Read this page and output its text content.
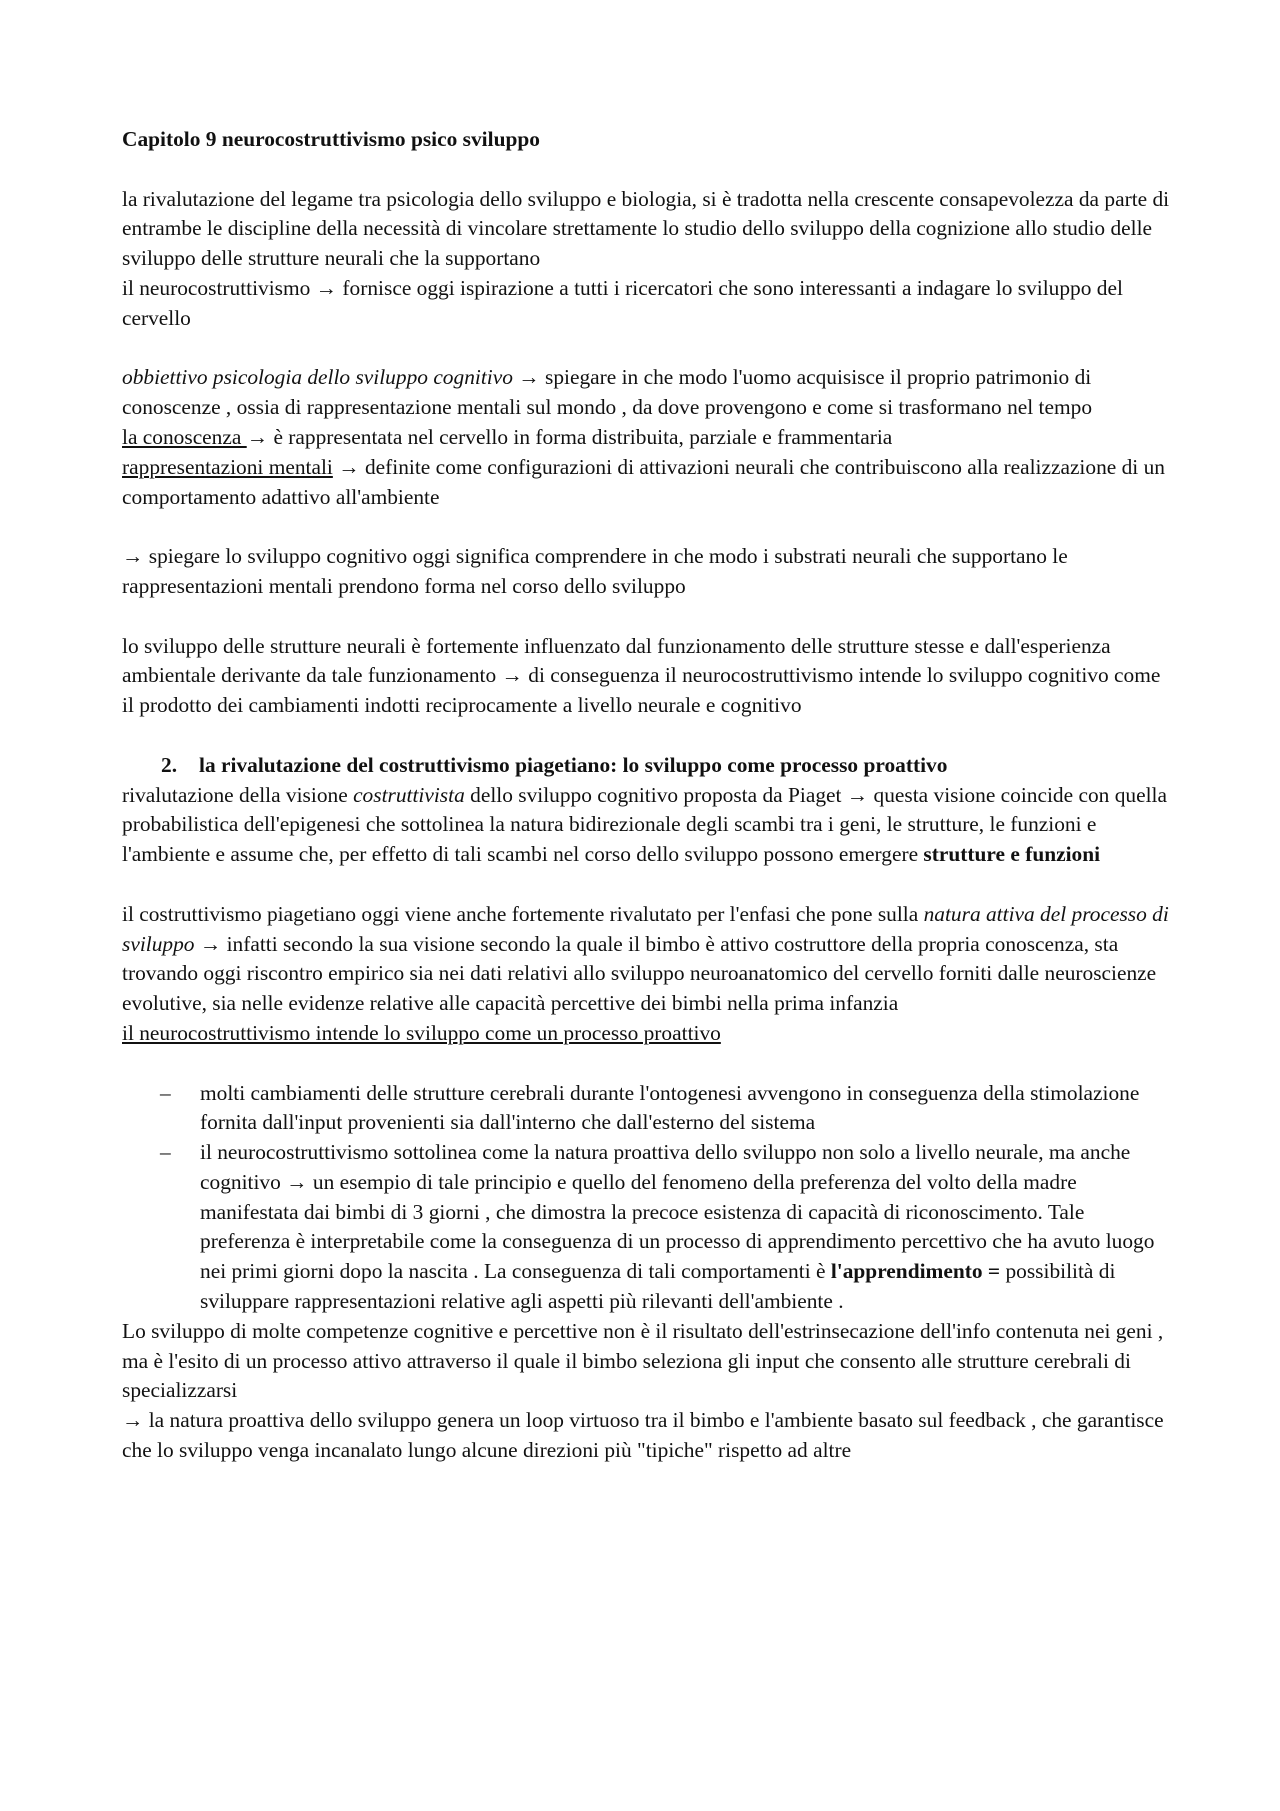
Capitolo 9 neurocostruttivismo psico sviluppo

la rivalutazione del legame tra psicologia dello sviluppo e biologia, si è tradotta nella crescente consapevolezza da parte di entrambe le discipline della necessità di vincolare strettamente lo studio dello sviluppo della cognizione allo studio delle sviluppo delle strutture neurali che la supportano

il neurocostruttivismo → fornisce oggi ispirazione a tutti i ricercatori che sono interessanti a indagare lo sviluppo del cervello

obbiettivo psicologia dello sviluppo cognitivo → spiegare in che modo l'uomo acquisisce il proprio patrimonio di conoscenze , ossia di rappresentazione mentali sul mondo , da dove provengono e come si trasformano nel tempo

la conoscenza → è rappresentata nel cervello in forma distribuita, parziale e frammentaria

rappresentazioni mentali → definite come configurazioni di attivazioni neurali che contribuiscono alla realizzazione di un comportamento adattivo all'ambiente

→ spiegare lo sviluppo cognitivo oggi significa comprendere in che modo i substrati neurali che supportano le rappresentazioni mentali prendono forma nel corso dello sviluppo

lo sviluppo delle strutture neurali è fortemente influenzato dal funzionamento delle strutture stesse e dall'esperienza ambientale derivante da tale funzionamento → di conseguenza il neurocostruttivismo intende lo sviluppo cognitivo come il prodotto dei cambiamenti indotti reciprocamente a livello neurale e cognitivo

2. la rivalutazione del costruttivismo piagetiano: lo sviluppo come processo proattivo

rivalutazione della visione costruttivista dello sviluppo cognitivo proposta da Piaget → questa visione coincide con quella probabilistica dell'epigenesi che sottolinea la natura bidirezionale degli scambi tra i geni, le strutture, le funzioni e l'ambiente e assume che, per effetto di tali scambi nel corso dello sviluppo possono emergere strutture e funzioni

il costruttivismo piagetiano oggi viene anche fortemente rivalutato per l'enfasi che pone sulla natura attiva del processo di sviluppo → infatti secondo la sua visione secondo la quale il bimbo è attivo costruttore della propria conoscenza, sta trovando oggi riscontro empirico sia nei dati relativi allo sviluppo neuroanatomico del cervello forniti dalle neuroscienze evolutive, sia nelle evidenze relative alle capacità percettive dei bimbi nella prima infanzia

il neurocostruttivismo intende lo sviluppo come un processo proattivo

– molti cambiamenti delle strutture cerebrali durante l'ontogenesi avvengono in conseguenza della stimolazione fornita dall'input provenienti sia dall'interno che dall'esterno del sistema
– il neurocostruttivismo sottolinea come la natura proattiva dello sviluppo non solo a livello neurale, ma anche cognitivo → un esempio di tale principio e quello del fenomeno della preferenza del volto della madre manifestata dai bimbi di 3 giorni , che dimostra la precoce esistenza di capacità di riconoscimento. Tale preferenza è interpretabile come la conseguenza di un processo di apprendimento percettivo che ha avuto luogo nei primi giorni dopo la nascita . La conseguenza di tali comportamenti è l'apprendimento = possibilità di sviluppare rappresentazioni relative agli aspetti più rilevanti dell'ambiente .

Lo sviluppo di molte competenze cognitive e percettive non è il risultato dell'estrinsecazione dell'info contenuta nei geni , ma è l'esito di un processo attivo attraverso il quale il bimbo seleziona gli input che consento alle strutture cerebrali di specializzarsi

→ la natura proattiva dello sviluppo genera un loop virtuoso tra il bimbo e l'ambiente basato sul feedback , che garantisce che lo sviluppo venga incanalato lungo alcune direzioni più "tipiche" rispetto ad altre
